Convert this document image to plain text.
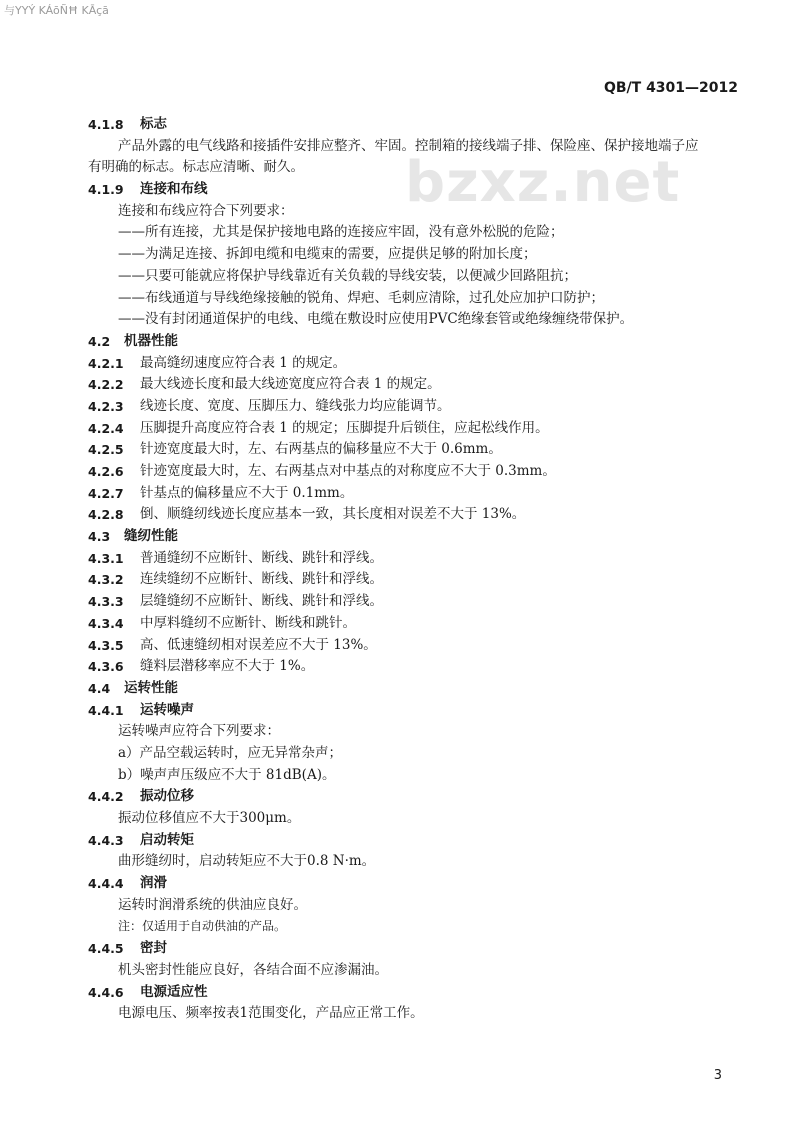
与ΥΥÝ KÁōÑĦ KĀçā
bzxz.net
QB/T 4301—2012
4.1.8 标志
产品外露的电气线路和接插件安排应整齐、牢固。控制箱的接线端子排、保险座、保护接地端子应
有明确的标志。标志应清晰、耐久。
4.1.9 连接和布线
连接和布线应符合下列要求：
——所有连接，尤其是保护接地电路的连接应牢固，没有意外松脱的危险；
——为满足连接、拆卸电缆和电缆束的需要，应提供足够的附加长度；
——只要可能就应将保护导线靠近有关负载的导线安装，以便减少回路阻抗；
——布线通道与导线绝缘接触的锐角、焊疤、毛刺应清除，过孔处应加护口防护；
——没有封闭通道保护的电线、电缆在敷设时应使用PVC绝缘套管或绝缘缠绕带保护。
4.2 机器性能
4.2.1 最高缝纫速度应符合表 1 的规定。
4.2.2 最大线迹长度和最大线迹宽度应符合表 1 的规定。
4.2.3 线迹长度、宽度、压脚压力、缝线张力均应能调节。
4.2.4 压脚提升高度应符合表 1 的规定；压脚提升后锁住，应起松线作用。
4.2.5 针迹宽度最大时，左、右两基点的偏移量应不大于 0.6mm。
4.2.6 针迹宽度最大时，左、右两基点对中基点的对称度应不大于 0.3mm。
4.2.7 针基点的偏移量应不大于 0.1mm。
4.2.8 倒、顺缝纫线迹长度应基本一致，其长度相对误差不大于 13%。
4.3 缝纫性能
4.3.1 普通缝纫不应断针、断线、跳针和浮线。
4.3.2 连续缝纫不应断针、断线、跳针和浮线。
4.3.3 层缝缝纫不应断针、断线、跳针和浮线。
4.3.4 中厚料缝纫不应断针、断线和跳针。
4.3.5 高、低速缝纫相对误差应不大于 13%。
4.3.6 缝料层潜移率应不大于 1%。
4.4 运转性能
4.4.1 运转噪声
运转噪声应符合下列要求：
a）产品空载运转时，应无异常杂声；
b）噪声声压级应不大于 81dB(A)。
4.4.2 振动位移
振动位移值应不大于300μm。
4.4.3 启动转矩
曲形缝纫时，启动转矩应不大于0.8 N·m。
4.4.4 润滑
运转时润滑系统的供油应良好。
注：仅适用于自动供油的产品。
4.4.5 密封
机头密封性能应良好，各结合面不应渗漏油。
4.4.6 电源适应性
电源电压、频率按表1范围变化，产品应正常工作。
3
